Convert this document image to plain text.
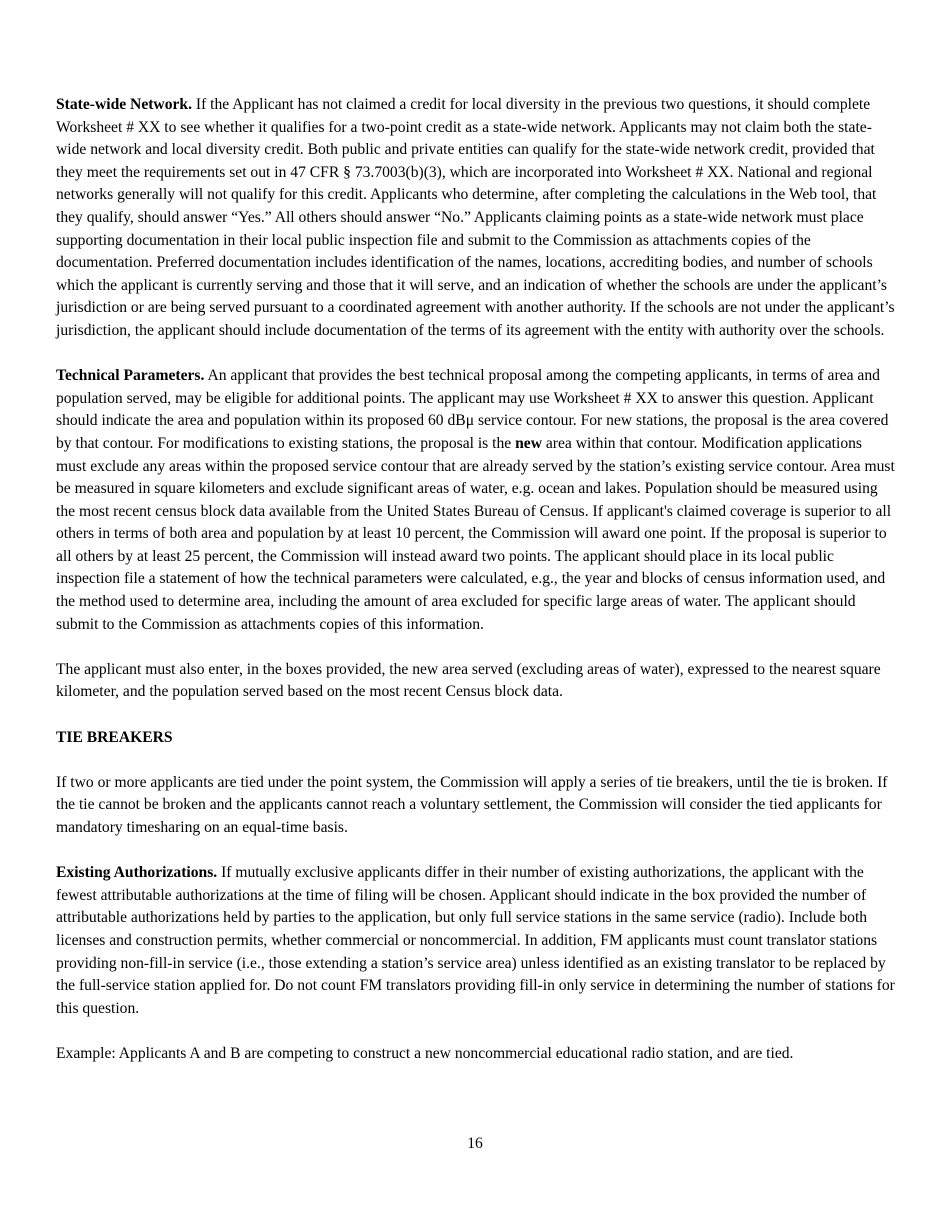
State-wide Network. If the Applicant has not claimed a credit for local diversity in the previous two questions, it should complete Worksheet # XX to see whether it qualifies for a two-point credit as a state-wide network. Applicants may not claim both the state-wide network and local diversity credit. Both public and private entities can qualify for the state-wide network credit, provided that they meet the requirements set out in 47 CFR § 73.7003(b)(3), which are incorporated into Worksheet # XX. National and regional networks generally will not qualify for this credit. Applicants who determine, after completing the calculations in the Web tool, that they qualify, should answer “Yes.” All others should answer “No.” Applicants claiming points as a state-wide network must place supporting documentation in their local public inspection file and submit to the Commission as attachments copies of the documentation. Preferred documentation includes identification of the names, locations, accrediting bodies, and number of schools which the applicant is currently serving and those that it will serve, and an indication of whether the schools are under the applicant’s jurisdiction or are being served pursuant to a coordinated agreement with another authority. If the schools are not under the applicant’s jurisdiction, the applicant should include documentation of the terms of its agreement with the entity with authority over the schools.

Technical Parameters. An applicant that provides the best technical proposal among the competing applicants, in terms of area and population served, may be eligible for additional points. The applicant may use Worksheet # XX to answer this question. Applicant should indicate the area and population within its proposed 60 dBμ service contour. For new stations, the proposal is the area covered by that contour. For modifications to existing stations, the proposal is the new area within that contour. Modification applications must exclude any areas within the proposed service contour that are already served by the station’s existing service contour. Area must be measured in square kilometers and exclude significant areas of water, e.g. ocean and lakes. Population should be measured using the most recent census block data available from the United States Bureau of Census. If applicant's claimed coverage is superior to all others in terms of both area and population by at least 10 percent, the Commission will award one point. If the proposal is superior to all others by at least 25 percent, the Commission will instead award two points. The applicant should place in its local public inspection file a statement of how the technical parameters were calculated, e.g., the year and blocks of census information used, and the method used to determine area, including the amount of area excluded for specific large areas of water. The applicant should submit to the Commission as attachments copies of this information.

The applicant must also enter, in the boxes provided, the new area served (excluding areas of water), expressed to the nearest square kilometer, and the population served based on the most recent Census block data.

TIE BREAKERS

If two or more applicants are tied under the point system, the Commission will apply a series of tie breakers, until the tie is broken. If the tie cannot be broken and the applicants cannot reach a voluntary settlement, the Commission will consider the tied applicants for mandatory timesharing on an equal-time basis.

Existing Authorizations. If mutually exclusive applicants differ in their number of existing authorizations, the applicant with the fewest attributable authorizations at the time of filing will be chosen. Applicant should indicate in the box provided the number of attributable authorizations held by parties to the application, but only full service stations in the same service (radio). Include both licenses and construction permits, whether commercial or noncommercial. In addition, FM applicants must count translator stations providing non-fill-in service (i.e., those extending a station’s service area) unless identified as an existing translator to be replaced by the full-service station applied for. Do not count FM translators providing fill-in only service in determining the number of stations for this question.

Example: Applicants A and B are competing to construct a new noncommercial educational radio station, and are tied.

16
